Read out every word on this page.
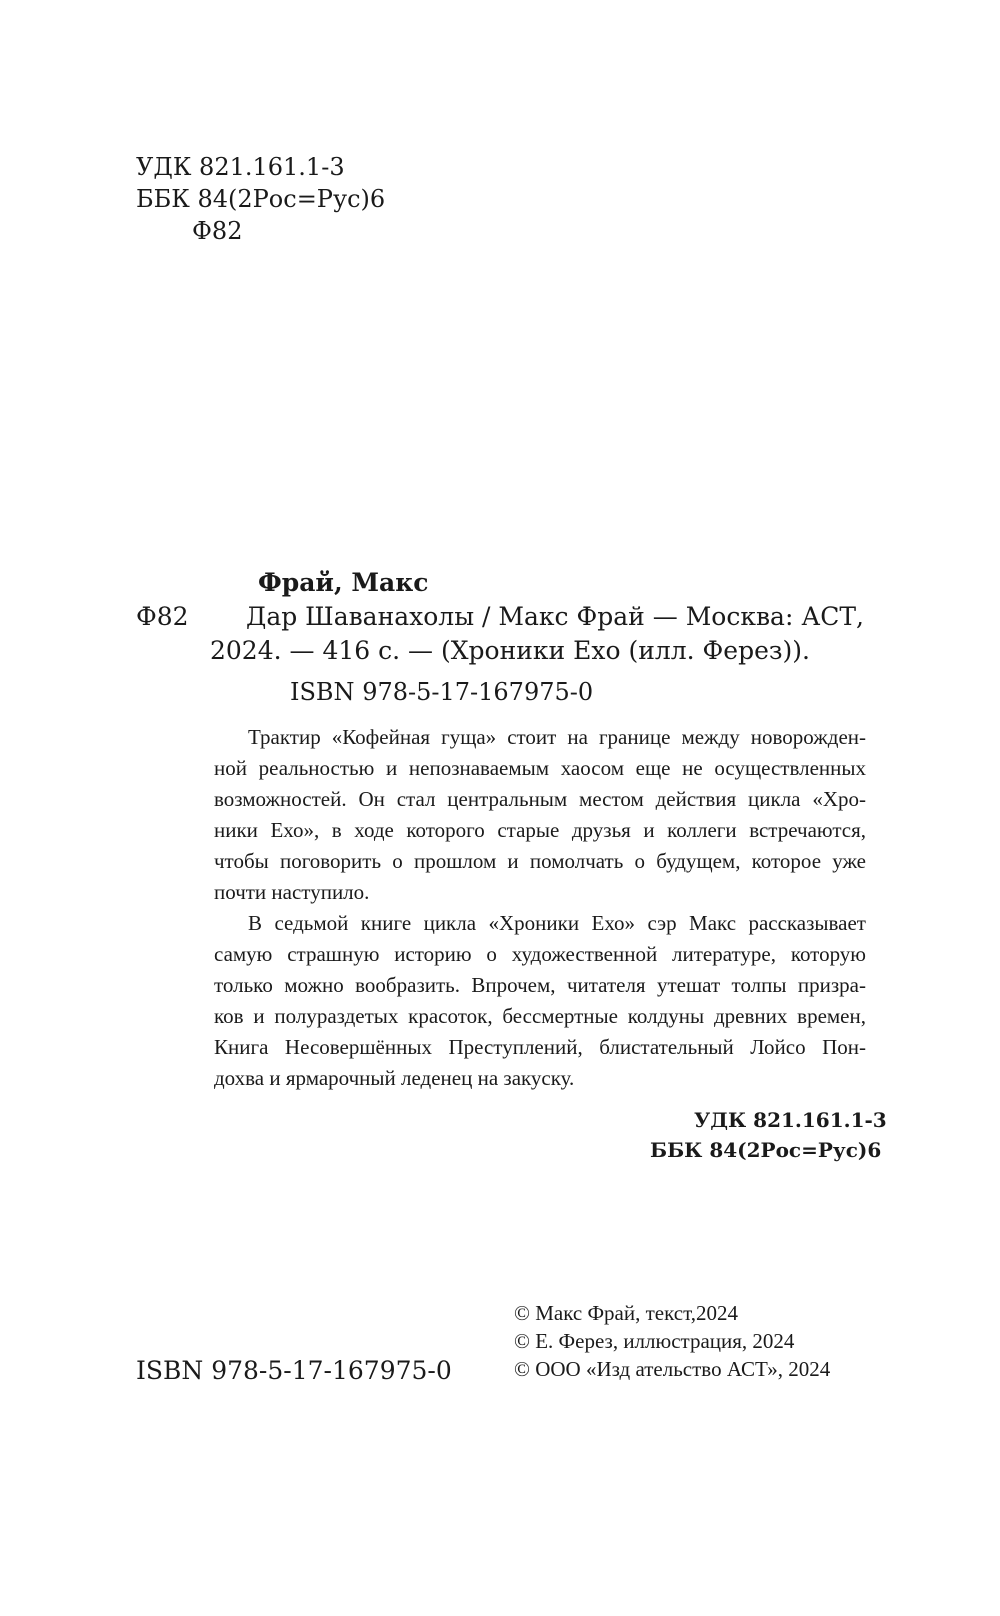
УДК 821.161.1-3
ББК 84(2Рос=Рус)6
Ф82
Фрай, Макс
Ф82 Дар Шаванахолы / Макс Фрай — Москва: АСТ,
2024. — 416 с. — (Хроники Ехо (илл. Ферез)).
ISBN 978-5-17-167975-0
Трактир «Кофейная гуща» стоит на границе между новорожден-
ной реальностью и непознаваемым хаосом еще не осуществленных
возможностей. Он стал центральным местом действия цикла «Хро-
ники Ехо», в ходе которого старые друзья и коллеги встречаются,
чтобы поговорить о прошлом и помолчать о будущем, которое уже
почти наступило.
В седьмой книге цикла «Хроники Ехо» сэр Макс рассказывает
самую страшную историю о художественной литературе, которую
только можно вообразить. Впрочем, читателя утешат толпы призра-
ков и полураздетых красоток, бессмертные колдуны древних времен,
Книга Несовершённых Преступлений, блистательный Лойсо Пон-
дохва и ярмарочный леденец на закуску.
УДК 821.161.1-3
ББК 84(2Рос=Рус)6
© Макс Фрай, текст,2024
© Е. Ферез, иллюстрация, 2024
© ООО «Изд ательство АСТ», 2024
ISBN 978-5-17-167975-0
